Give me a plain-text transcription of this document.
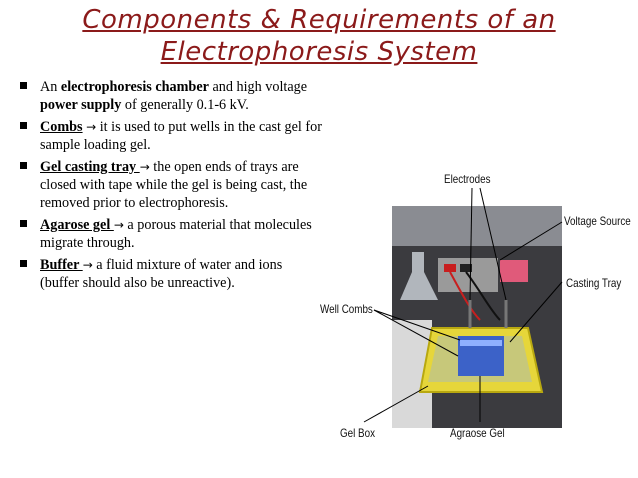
Components & Requirements of an
Electrophoresis System
An electrophoresis chamber and high voltage power supply of generally 0.1-6 kV.
Combs → it is used to put wells in the cast gel for sample loading gel.
Gel casting tray → the open ends of trays are closed with tape while the gel is being cast, the removed prior to electrophoresis.
Agarose gel → a porous material that molecules migrate through.
Buffer → a fluid mixture of water and ions (buffer should also be unreactive).
Electrodes
Voltage Source
Casting Tray
Well Combs
Gel Box	Agraose Gel
